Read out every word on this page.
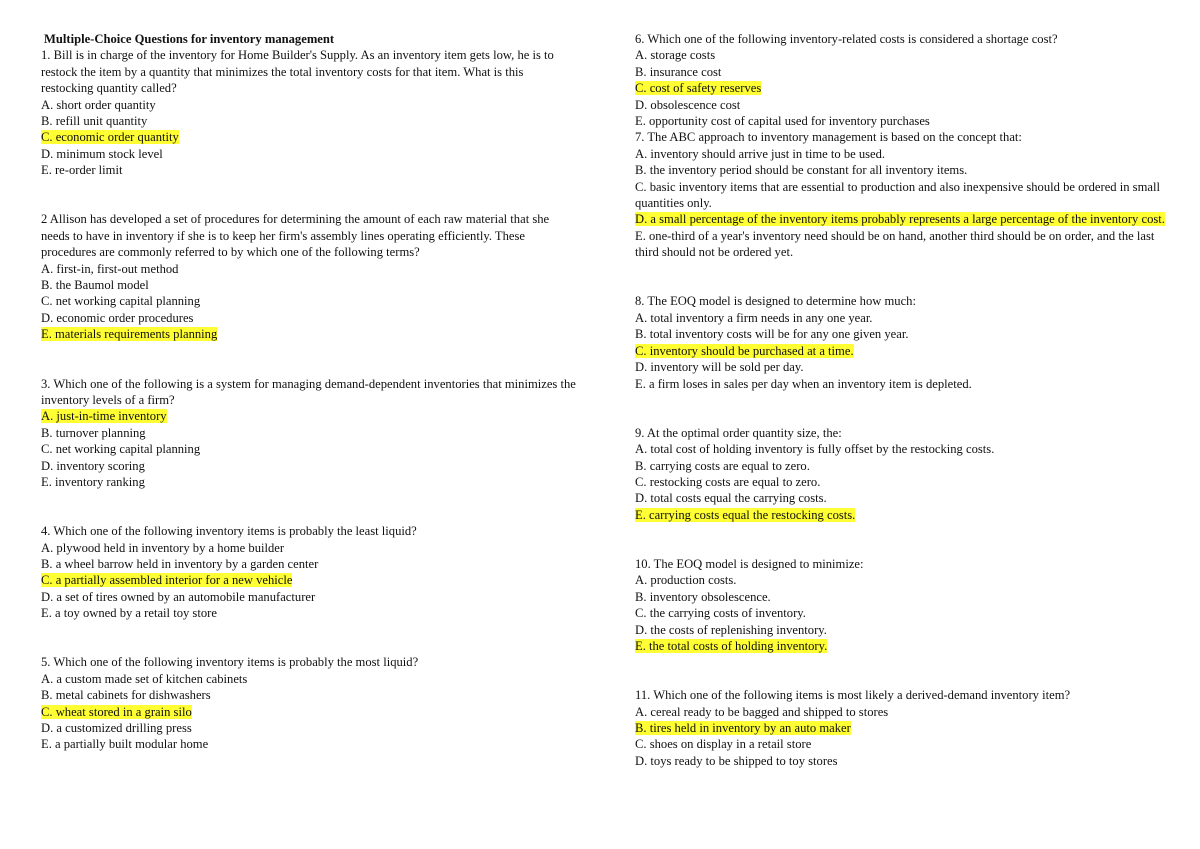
Multiple-Choice Questions for inventory management
1. Bill is in charge of the inventory for Home Builder's Supply. As an inventory item gets low, he is to restock the item by a quantity that minimizes the total inventory costs for that item. What is this restocking quantity called?
A. short order quantity
B. refill unit quantity
C. economic order quantity
D. minimum stock level
E. re-order limit
2 Allison has developed a set of procedures for determining the amount of each raw material that she needs to have in inventory if she is to keep her firm's assembly lines operating efficiently. These procedures are commonly referred to by which one of the following terms?
A. first-in, first-out method
B. the Baumol model
C. net working capital planning
D. economic order procedures
E. materials requirements planning
3. Which one of the following is a system for managing demand-dependent inventories that minimizes the inventory levels of a firm?
A. just-in-time inventory
B. turnover planning
C. net working capital planning
D. inventory scoring
E. inventory ranking
4. Which one of the following inventory items is probably the least liquid?
A. plywood held in inventory by a home builder
B. a wheel barrow held in inventory by a garden center
C. a partially assembled interior for a new vehicle
D. a set of tires owned by an automobile manufacturer
E. a toy owned by a retail toy store
5. Which one of the following inventory items is probably the most liquid?
A. a custom made set of kitchen cabinets
B. metal cabinets for dishwashers
C. wheat stored in a grain silo
D. a customized drilling press
E. a partially built modular home
6. Which one of the following inventory-related costs is considered a shortage cost?
A. storage costs
B. insurance cost
C. cost of safety reserves
D. obsolescence cost
E. opportunity cost of capital used for inventory purchases
7. The ABC approach to inventory management is based on the concept that:
A. inventory should arrive just in time to be used.
B. the inventory period should be constant for all inventory items.
C. basic inventory items that are essential to production and also inexpensive should be ordered in small quantities only.
D. a small percentage of the inventory items probably represents a large percentage of the inventory cost.
E. one-third of a year's inventory need should be on hand, another third should be on order, and the last third should not be ordered yet.
8. The EOQ model is designed to determine how much:
A. total inventory a firm needs in any one year.
B. total inventory costs will be for any one given year.
C. inventory should be purchased at a time.
D. inventory will be sold per day.
E. a firm loses in sales per day when an inventory item is depleted.
9. At the optimal order quantity size, the:
A. total cost of holding inventory is fully offset by the restocking costs.
B. carrying costs are equal to zero.
C. restocking costs are equal to zero.
D. total costs equal the carrying costs.
E. carrying costs equal the restocking costs.
10. The EOQ model is designed to minimize:
A. production costs.
B. inventory obsolescence.
C. the carrying costs of inventory.
D. the costs of replenishing inventory.
E. the total costs of holding inventory.
11. Which one of the following items is most likely a derived-demand inventory item?
A. cereal ready to be bagged and shipped to stores
B. tires held in inventory by an auto maker
C. shoes on display in a retail store
D. toys ready to be shipped to toy stores
